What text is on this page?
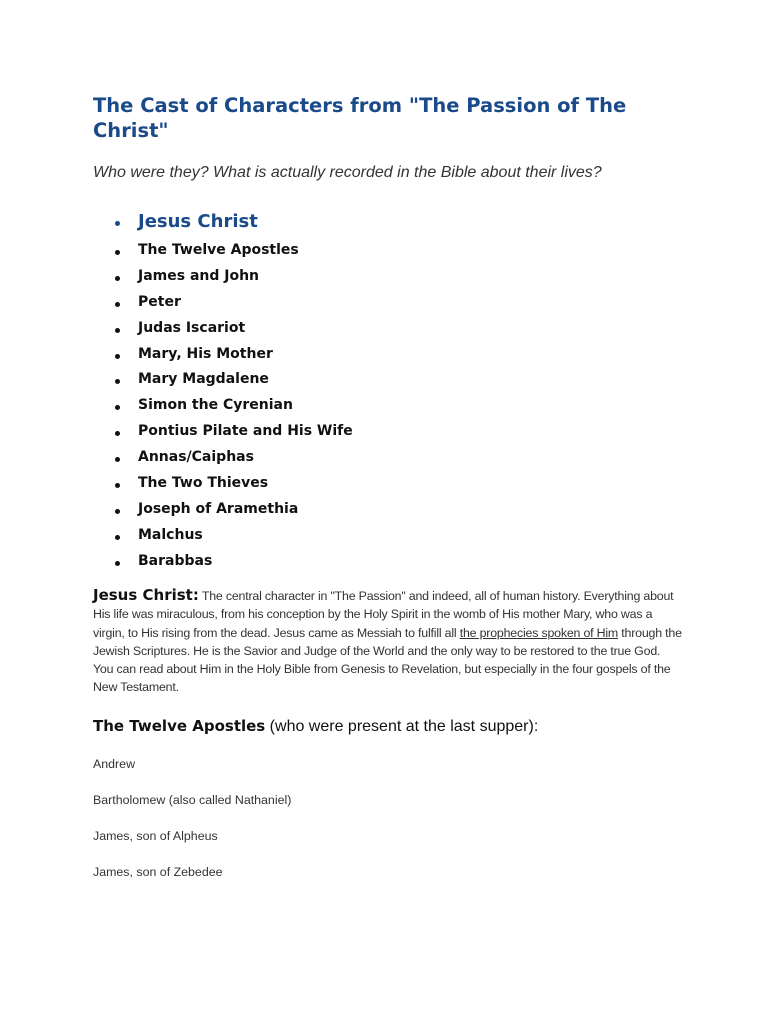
The Cast of Characters from "The Passion of The Christ"

Who were they? What is actually recorded in the Bible about their lives?

Jesus Christ
The Twelve Apostles
James and John
Peter
Judas Iscariot
Mary, His Mother
Mary Magdalene
Simon the Cyrenian
Pontius Pilate and His Wife
Annas/Caiphas
The Two Thieves
Joseph of Aramethia
Malchus
Barabbas

Jesus Christ: The central character in "The Passion" and indeed, all of human history. Everything about His life was miraculous, from his conception by the Holy Spirit in the womb of His mother Mary, who was a virgin, to His rising from the dead. Jesus came as Messiah to fulfill all the prophecies spoken of Him through the Jewish Scriptures. He is the Savior and Judge of the World and the only way to be restored to the true God. You can read about Him in the Holy Bible from Genesis to Revelation, but especially in the four gospels of the New Testament.

The Twelve Apostles (who were present at the last supper):

Andrew

Bartholomew (also called Nathaniel)

James, son of Alpheus

James, son of Zebedee
